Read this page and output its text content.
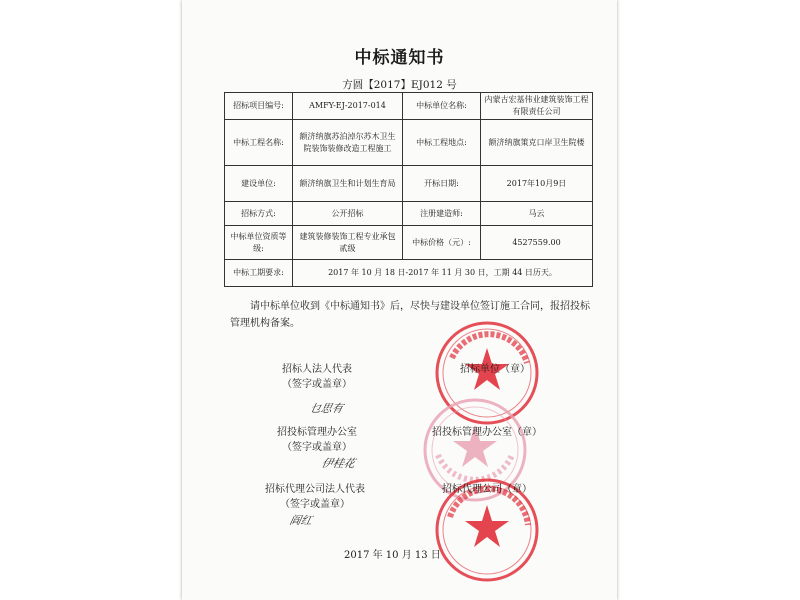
中标通知书
方圆【2017】EJ012 号
招标项目编号:	AMFY-EJ-2017-014	中标单位名称:	内蒙古宏基伟业建筑装饰工程有限责任公司
中标工程名称:	额济纳旗苏泊淖尔苏木卫生院装饰装修改造工程施工	中标工程地点:	额济纳旗策克口岸卫生院楼
建设单位:	额济纳旗卫生和计划生育局	开标日期:	2017年10月9日
招标方式:	公开招标	注册建造师:	马云
中标单位资质等级:	建筑装修装饰工程专业承包贰级	中标价格（元）:	4527559.00
中标工期要求:	2017 年 10 月 18 日-2017 年 11 月 30 日，工期 44 日历天。		
请中标单位收到《中标通知书》后，尽快与建设单位签订施工合同，报招投标管理机构备案。
招标人法人代表
（签字或盖章）
乜思有
招标单位（章）
招投标管理办公室
（签字或盖章）
伊桂花
招投标管理办公室（章）
招标代理公司法人代表
（签字或盖章）
阎红
招标代理公司（章）
2017 年 10 月 13 日
